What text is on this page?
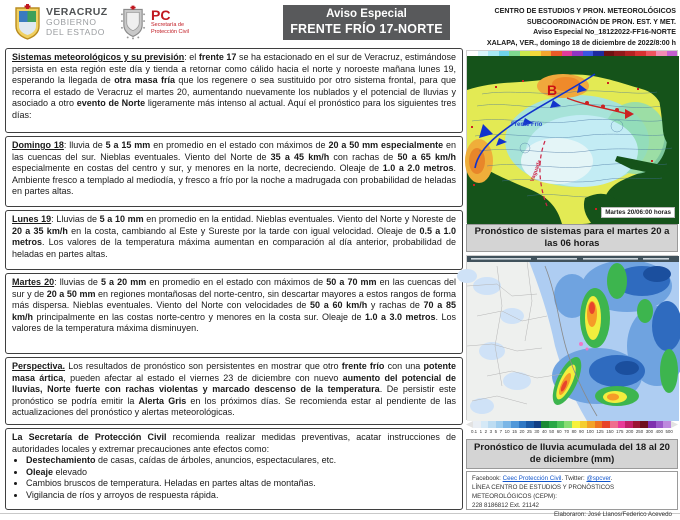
VERACRUZ
GOBIERNO
DEL ESTADO
PC
Secretaría de
Protección Civil
Aviso Especial
FRENTE FRÍO 17-NORTE
CENTRO DE ESTUDIOS Y PRON. METEOROLÓGICOS
SUBCOORDINACIÓN DE PRON. EST. Y MET.
Aviso Especial No_18122022-FF16-NORTE
XALAPA, VER., domingo 18 de diciembre de 2022/8:00 h
Sistemas meteorológicos y su previsión: el frente 17 se ha estacionado en el sur de Veracruz, estimándose persista en esta región este día y tienda a retornar como cálido hacia el norte y noroeste mañana lunes 19, esperando la llegada de otra masa fría que los regenere o sea sustituido por otro sistema frontal, para que recorra el estado de Veracruz el martes 20, aumentando nuevamente los nublados y el potencial de lluvias y asociado a otro evento de Norte ligeramente más intenso al actual. Aquí el pronóstico para los siguientes tres días:
Domingo 18: lluvia de 5 a 15 mm en promedio en el estado con máximos de 20 a 50 mm especialmente en las cuencas del sur. Nieblas eventuales. Viento del Norte de 35 a 45 km/h con rachas de 50 a 65 km/h especialmente en costas del centro y sur, y menores en la norte, decreciendo. Oleaje de 1.0 a 2.0 metros. Ambiente fresco a templado al mediodía, y fresco a frío por la noche a madrugada con probabilidad de heladas en partes altas.
Lunes 19: Lluvias de 5 a 10 mm en promedio en la entidad. Nieblas eventuales. Viento del Norte y Noreste de 20 a 35 km/h en la costa, cambiando al Este y Sureste por la tarde con igual velocidad. Oleaje de 0.5 a 1.0 metros. Los valores de la temperatura máxima aumentan en comparación al día anterior, probabilidad de heladas en partes altas.
Martes 20: lluvias de 5 a 20 mm en promedio en el estado con máximos de 50 a 70 mm en las cuencas del sur y de 20 a 50 mm en regiones montañosas del norte-centro, sin descartar mayores a estos rangos de forma más dispersa. Nieblas eventuales. Viento del Norte con velocidades de 50 a 60 km/h y rachas de 70 a 85 km/h principalmente en las costas norte-centro y menores en la costa sur. Oleaje de 1.0 a 3.0 metros. Los valores de la temperatura máxima disminuyen.
Perspectiva. Los resultados de pronóstico son persistentes en mostrar que otro frente frío con una potente masa ártica, pueden afectar al estado el viernes 23 de diciembre con nuevo aumento del potencial de lluvias, Norte fuerte con rachas violentas y marcado descenso de la temperatura. De persistir este pronóstico se podría emitir la Alerta Gris en los próximos días. Se recomienda estar al pendiente de las actualizaciones del pronóstico y alertas meteorológicas.
La Secretaría de Protección Civil recomienda realizar medidas preventivas, acatar instrucciones de autoridades locales y extremar precauciones ante efectos como:
• Destechamiento de casas, caídas de árboles, anuncios, espectaculares, etc.
• Oleaje elevado
• Cambios bruscos de temperatura. Heladas en partes altas de montañas.
• Vigilancia de ríos y arroyos de respuesta rápida.
B
Frente Frío
Vaguada
Martes 20/06:00 horas
Pronóstico de sistemas para el martes 20 a las 06 horas
0.1 1 2 3 5 7 10 15 20 25 30 40 50 60 70 80 90 100 125 150 175 200 250 300 400 500
Pronóstico de lluvia acumulada del 18 al 20 de diciembre (mm)
Facebook: Ceec Protección Civil. Twitter: @spcver.
LÍNEA CENTRO DE ESTUDIOS Y PRONÓSTICOS METEOROLÓGICOS (CEPM):
228 8186812 Ext. 21142
Elaboraron: José Llanos/Federico Acevedo
